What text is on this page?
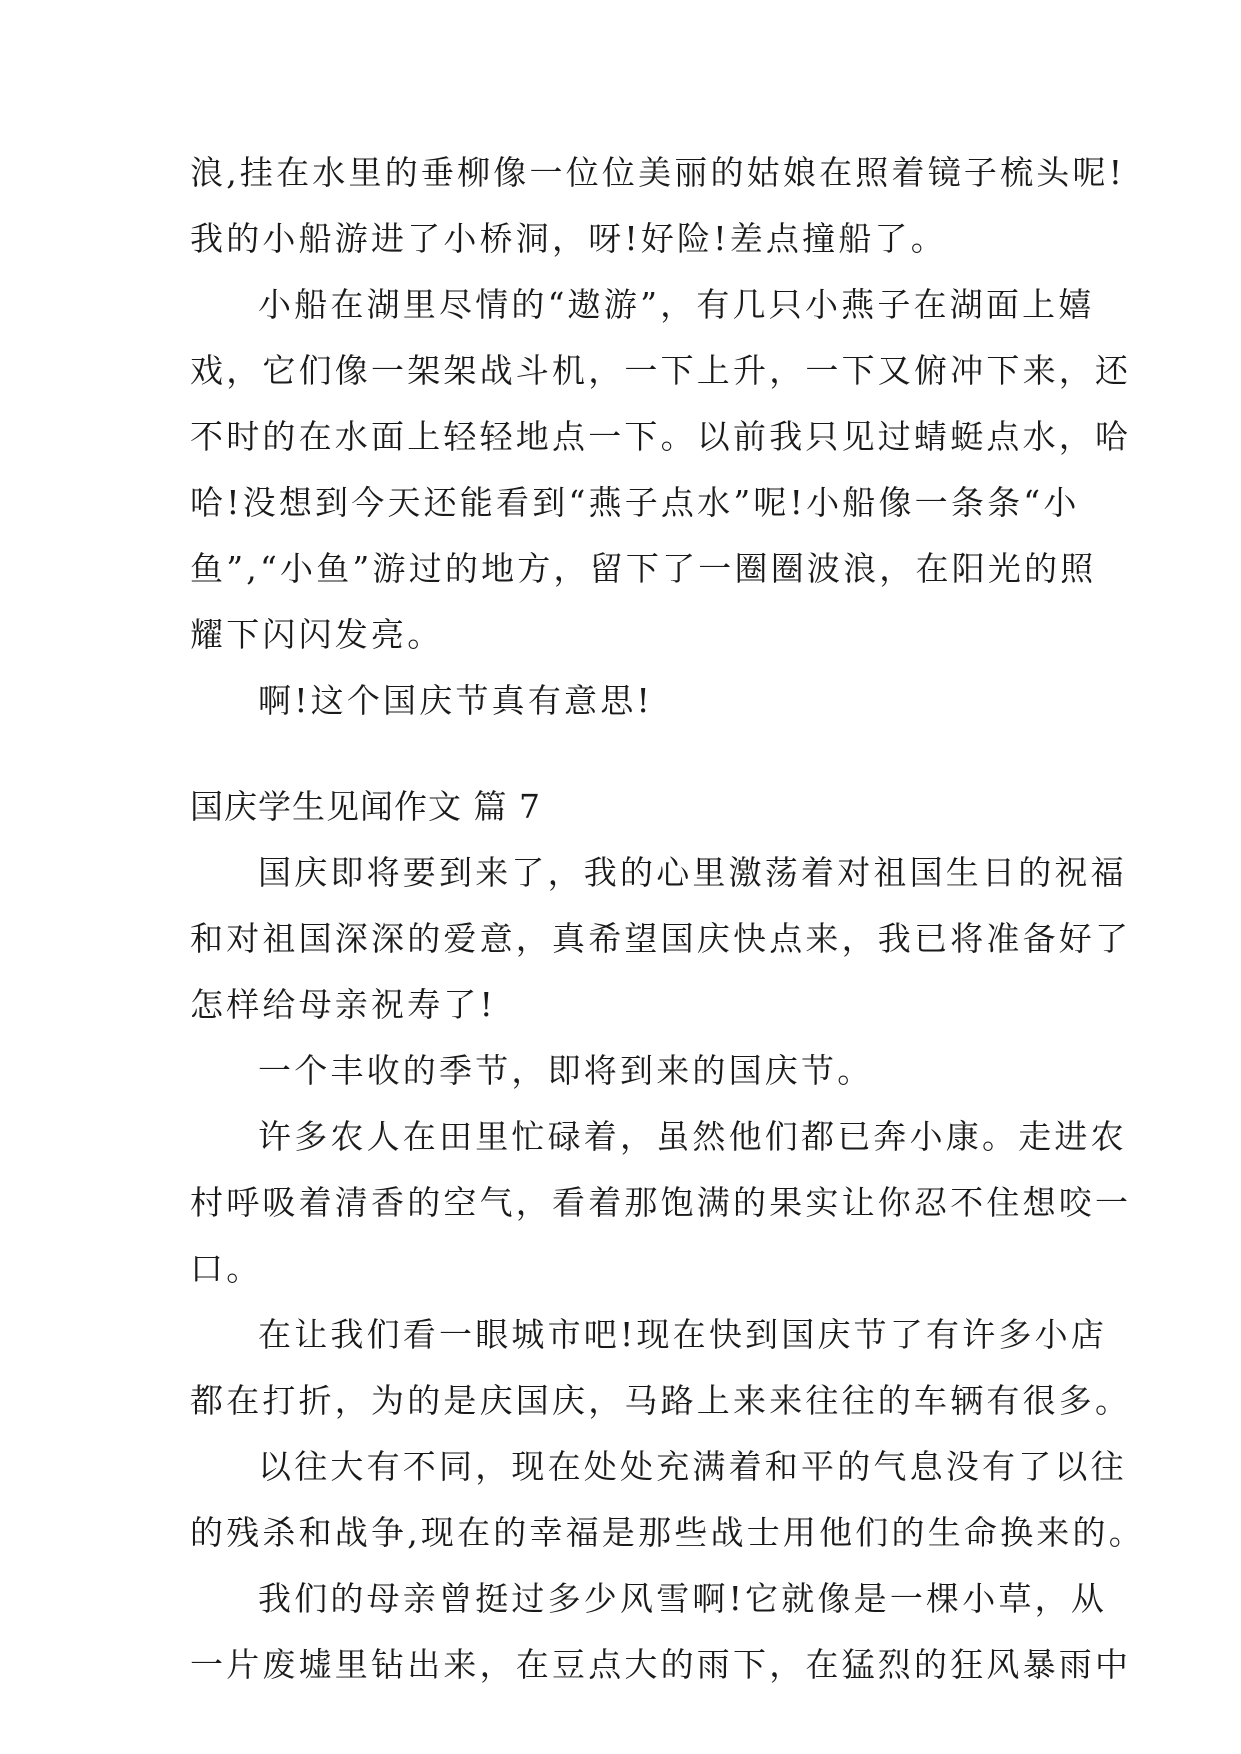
浪,挂在水里的垂柳像一位位美丽的姑娘在照着镜子梳头呢!
我的小船游进了小桥洞，呀!好险!差点撞船了。
小船在湖里尽情的“遨游”，有几只小燕子在湖面上嬉
戏，它们像一架架战斗机，一下上升，一下又俯冲下来，还
不时的在水面上轻轻地点一下。以前我只见过蜻蜓点水，哈
哈!没想到今天还能看到“燕子点水”呢!小船像一条条“小
鱼”,“小鱼”游过的地方，留下了一圈圈波浪，在阳光的照
耀下闪闪发亮。
啊!这个国庆节真有意思!
国庆学生见闻作文 篇 7
国庆即将要到来了，我的心里激荡着对祖国生日的祝福
和对祖国深深的爱意，真希望国庆快点来，我已将准备好了
怎样给母亲祝寿了!
一个丰收的季节，即将到来的国庆节。
许多农人在田里忙碌着，虽然他们都已奔小康。走进农
村呼吸着清香的空气，看着那饱满的果实让你忍不住想咬一
口。
在让我们看一眼城市吧!现在快到国庆节了有许多小店
都在打折，为的是庆国庆，马路上来来往往的车辆有很多。
以往大有不同，现在处处充满着和平的气息没有了以往
的残杀和战争,现在的幸福是那些战士用他们的生命换来的。
我们的母亲曾挺过多少风雪啊!它就像是一棵小草，从
一片废墟里钻出来，在豆点大的雨下，在猛烈的狂风暴雨中
